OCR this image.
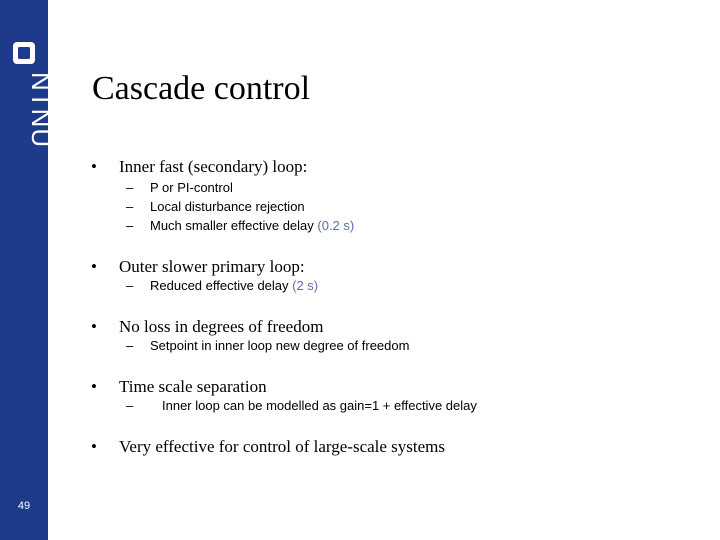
NTNU
49
Cascade control
• Inner fast (secondary) loop:
– P or PI-control
– Local disturbance rejection
– Much smaller effective delay (0.2 s)
• Outer slower primary loop:
– Reduced effective delay (2 s)
• No loss in degrees of freedom
– Setpoint in inner loop new degree of freedom
• Time scale separation
– Inner loop can be modelled as gain=1 + effective delay
• Very effective for control of large-scale systems
